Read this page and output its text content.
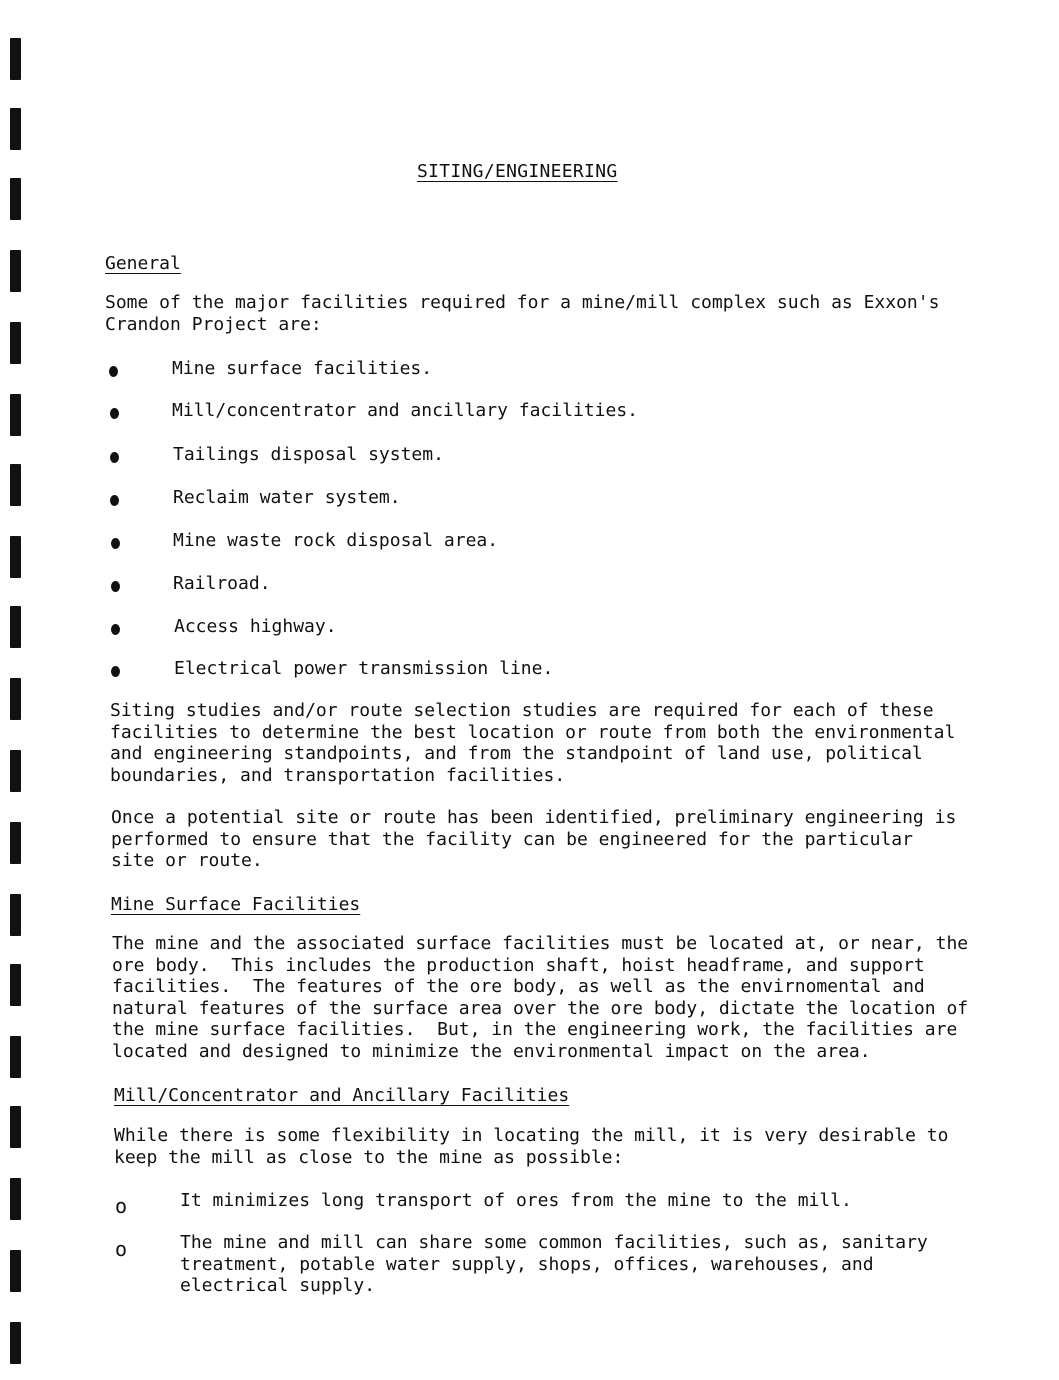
SITING/ENGINEERING
General
Some of the major facilities required for a mine/mill complex such as Exxon's
Crandon Project are:
Mine surface facilities.
Mill/concentrator and ancillary facilities.
Tailings disposal system.
Reclaim water system.
Mine waste rock disposal area.
Railroad.
Access highway.
Electrical power transmission line.
Siting studies and/or route selection studies are required for each of these
facilities to determine the best location or route from both the environmental
and engineering standpoints, and from the standpoint of land use, political
boundaries, and transportation facilities.
Once a potential site or route has been identified, preliminary engineering is
performed to ensure that the facility can be engineered for the particular
site or route.
Mine Surface Facilities
The mine and the associated surface facilities must be located at, or near, the
ore body.  This includes the production shaft, hoist headframe, and support
facilities.  The features of the ore body, as well as the envirnomental and
natural features of the surface area over the ore body, dictate the location of
the mine surface facilities.  But, in the engineering work, the facilities are
located and designed to minimize the environmental impact on the area.
Mill/Concentrator and Ancillary Facilities
While there is some flexibility in locating the mill, it is very desirable to
keep the mill as close to the mine as possible:
o	It minimizes long transport of ores from the mine to the mill.
o	The mine and mill can share some common facilities, such as, sanitary
treatment, potable water supply, shops, offices, warehouses, and
electrical supply.
